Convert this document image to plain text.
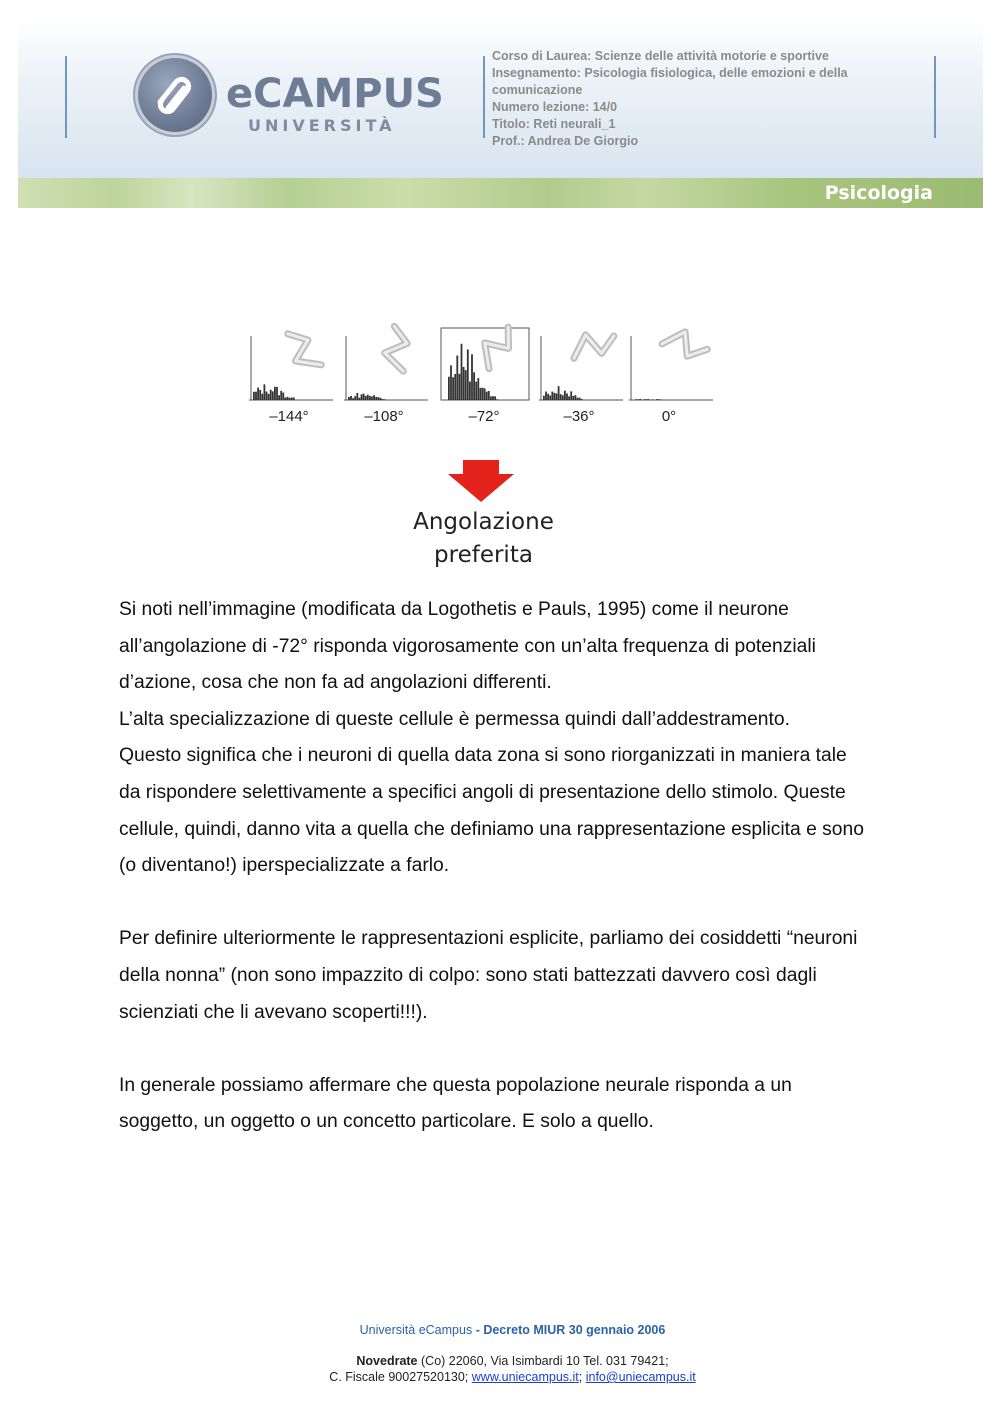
eCAMPUS
UNIVERSITÀ
Corso di Laurea: Scienze delle attività motorie e sportive
Insegnamento: Psicologia fisiologica, delle emozioni e della
comunicazione
Numero lezione: 14/0
Titolo: Reti neurali_1
Prof.: Andrea De Giorgio
Psicologia
–144°	–108°	–72°	–36°	0°
Angolazione
preferita

Si noti nell’immagine (modificata da Logothetis e Pauls, 1995) come il neurone

all’angolazione di -72° risponda vigorosamente con un’alta frequenza di potenziali

d’azione, cosa che non fa ad angolazioni differenti.

L’alta specializzazione di queste cellule è permessa quindi dall’addestramento.

Questo significa che i neuroni di quella data zona si sono riorganizzati in maniera tale

da rispondere selettivamente a specifici angoli di presentazione dello stimolo. Queste

cellule, quindi, danno vita a quella che definiamo una rappresentazione esplicita e sono

(o diventano!) iperspecializzate a farlo.

Per definire ulteriormente le rappresentazioni esplicite, parliamo dei cosiddetti “neuroni

della nonna” (non sono impazzito di colpo: sono stati battezzati davvero così dagli

scienziati che li avevano scoperti!!!).

In generale possiamo affermare che questa popolazione neurale risponda a un

soggetto, un oggetto o un concetto particolare. E solo a quello.

Università eCampus - Decreto MIUR 30 gennaio 2006
Novedrate (Co) 22060, Via Isimbardi 10 Tel. 031 79421;
C. Fiscale 90027520130; www.uniecampus.it; info@uniecampus.it
